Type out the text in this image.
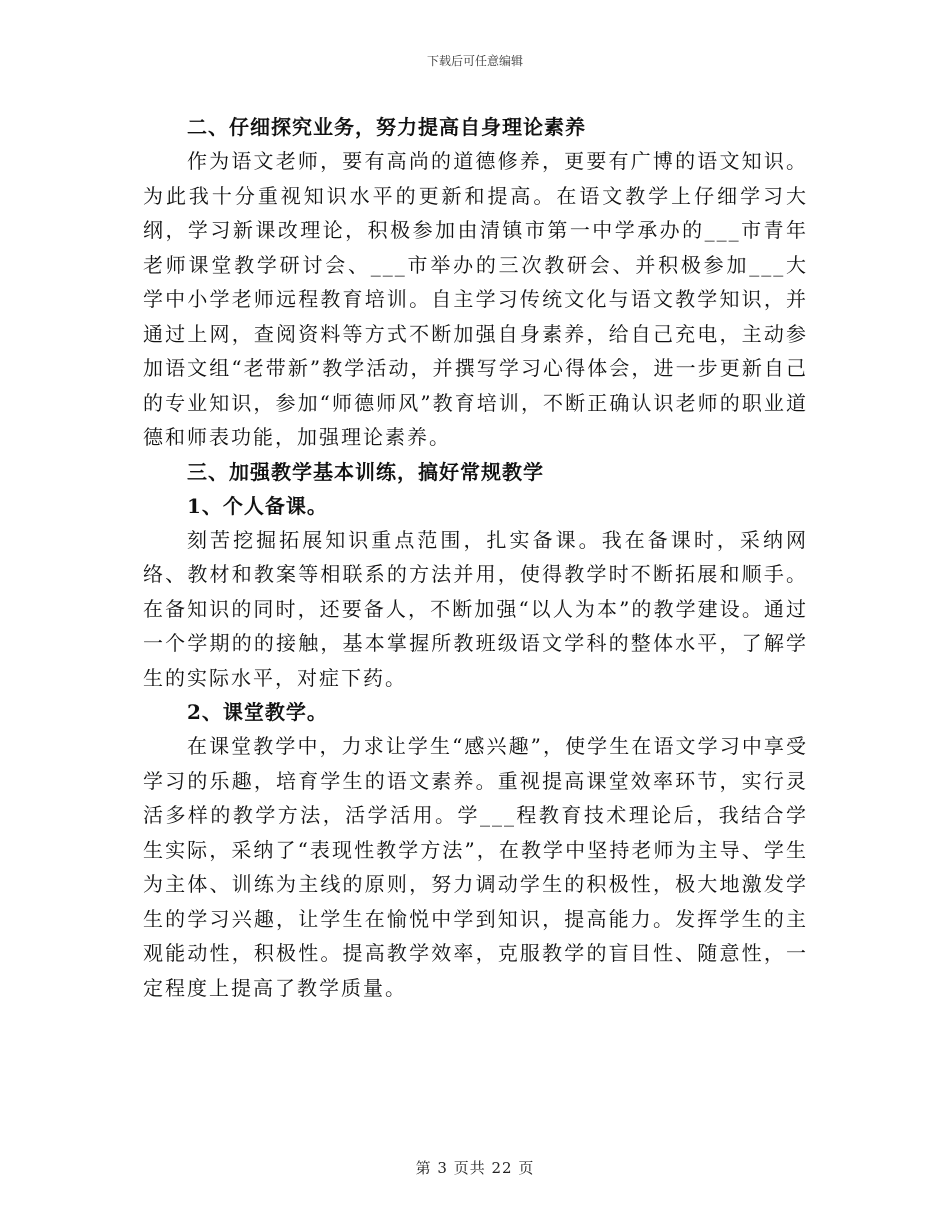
下载后可任意编辑
二、仔细探究业务，努力提高自身理论素养
作为语文老师，要有高尚的道德修养，更要有广博的语文知识。为此我十分重视知识水平的更新和提高。在语文教学上仔细学习大纲，学习新课改理论，积极参加由清镇市第一中学承办的___市青年老师课堂教学研讨会、___市举办的三次教研会、并积极参加___大学中小学老师远程教育培训。自主学习传统文化与语文教学知识，并通过上网，查阅资料等方式不断加强自身素养，给自己充电，主动参加语文组“老带新”教学活动，并撰写学习心得体会，进一步更新自己的专业知识，参加“师德师风”教育培训，不断正确认识老师的职业道德和师表功能，加强理论素养。
三、加强教学基本训练，搞好常规教学
1、个人备课。
刻苦挖掘拓展知识重点范围，扎实备课。我在备课时，采纳网络、教材和教案等相联系的方法并用，使得教学时不断拓展和顺手。在备知识的同时，还要备人，不断加强“以人为本”的教学建设。通过一个学期的的接触，基本掌握所教班级语文学科的整体水平，了解学生的实际水平，对症下药。
2、课堂教学。
在课堂教学中，力求让学生“感兴趣”，使学生在语文学习中享受学习的乐趣，培育学生的语文素养。重视提高课堂效率环节，实行灵活多样的教学方法，活学活用。学___程教育技术理论后，我结合学生实际，采纳了“表现性教学方法”，在教学中坚持老师为主导、学生为主体、训练为主线的原则，努力调动学生的积极性，极大地激发学生的学习兴趣，让学生在愉悦中学到知识，提高能力。发挥学生的主观能动性，积极性。提高教学效率，克服教学的盲目性、随意性，一定程度上提高了教学质量。
第 3 页共 22 页
